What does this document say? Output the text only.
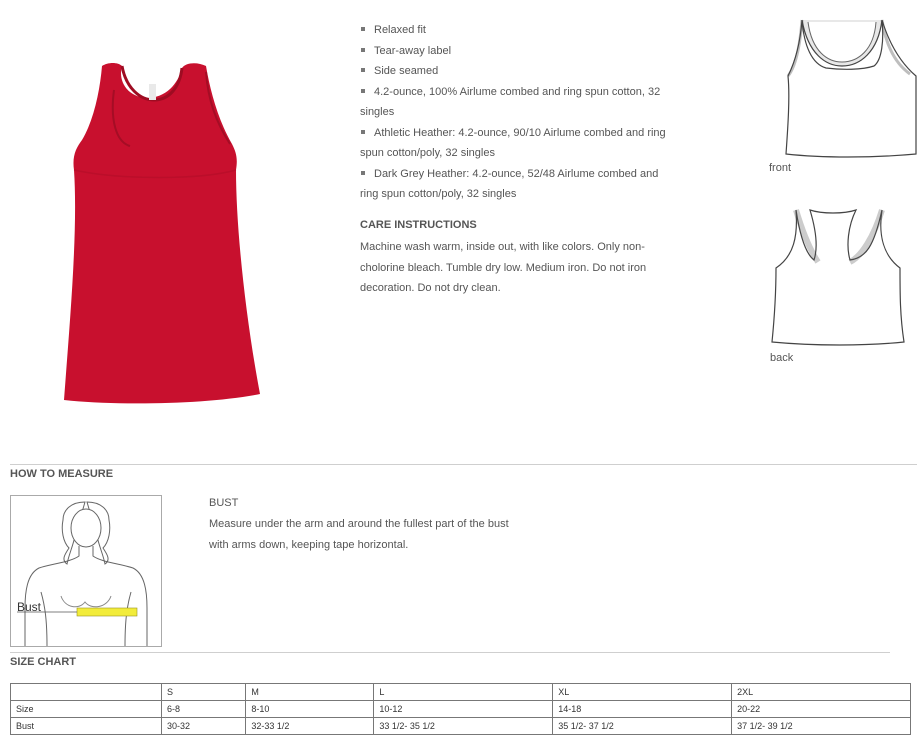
Relaxed fit
Tear-away label
Side seamed
4.2-ounce, 100% Airlume combed and ring spun cotton, 32 singles
Athletic Heather: 4.2-ounce, 90/10 Airlume combed and ring spun cotton/poly, 32 singles
Dark Grey Heather: 4.2-ounce, 52/48 Airlume combed and ring spun cotton/poly, 32 singles
CARE INSTRUCTIONS
Machine wash warm, inside out, with like colors. Only non-cholorine bleach. Tumble dry low. Medium iron. Do not iron decoration. Do not dry clean.
front
back
HOW TO MEASURE
Bust
BUST
Measure under the arm and around the fullest part of the bust with arms down, keeping tape horizontal.
SIZE CHART
	S	M	L	XL	2XL
Size	6-8	8-10	10-12	14-18	20-22
Bust	30-32	32-33 1/2	33 1/2- 35 1/2	35 1/2- 37 1/2	37 1/2- 39 1/2
